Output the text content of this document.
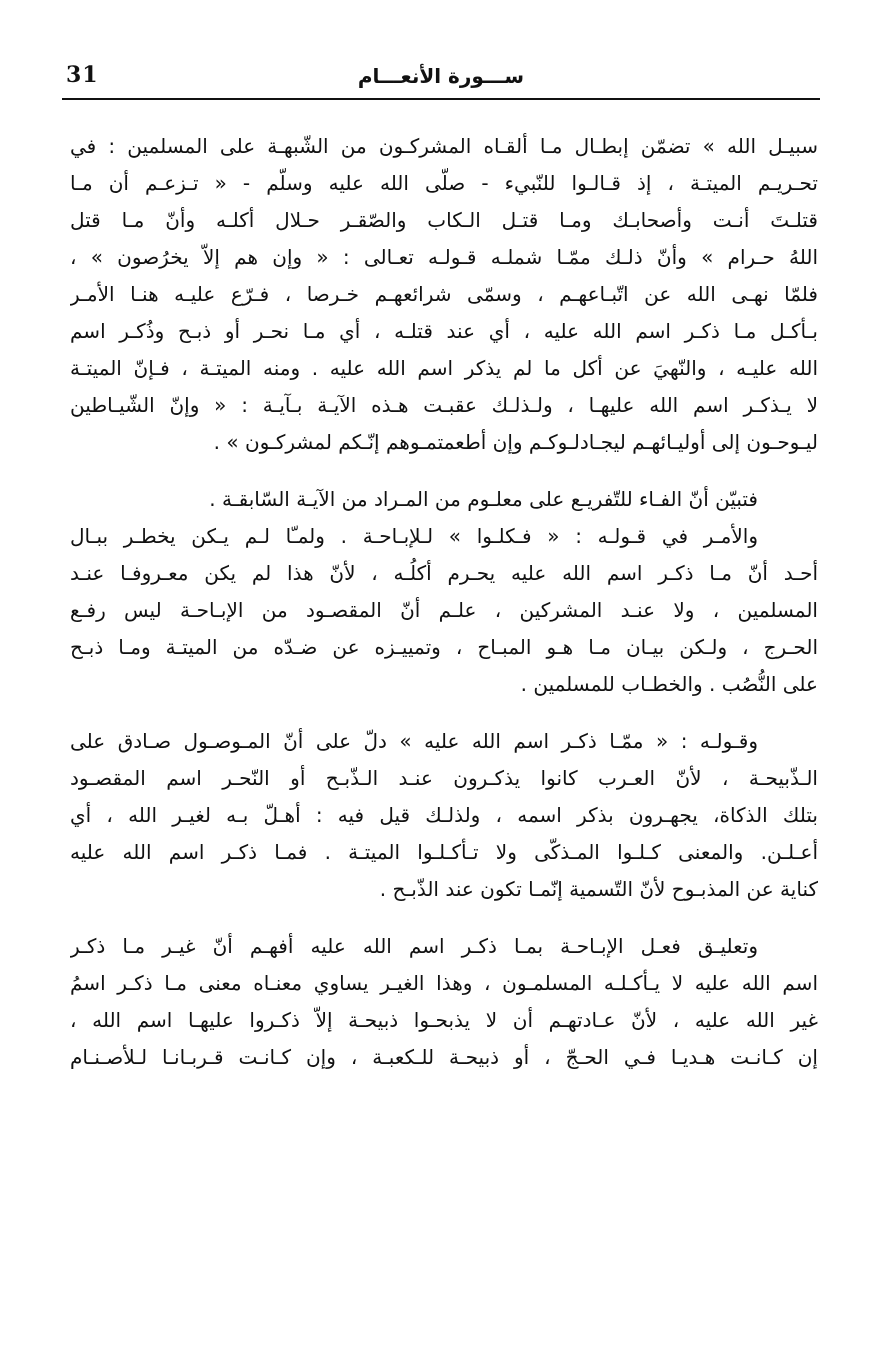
31	ســـورة الأنعـــام
سبيـل الله » تضمّن إبطـال مـا ألقـاه المشركـون من الشّبهـة على المسلمين : في
تحـريـم الميتـة ، إذ قـالـوا للنّبيء - صلّى الله عليه وسلّم - « تـزعـم أن مـا
قتلـتَ أنـت وأصحابـك ومـا قتـل الـكاب والصّقـر حـلال أكلـه وأنّ مـا قتل
اللهُ حـرام » وأنّ ذلـك ممّـا شملـه قـولـه تعـالى : « وإن هم إلاّ يخرُصون » ،
فلمّا نهـى الله عن اتّبـاعهـم ، وسمّى شرائعهـم خـرصا ، فـرّع عليـه هنـا الأمـر
بـأكـل مـا ذكـر اسم الله عليه ، أي عند قتلـه ، أي مـا نحـر أو ذبـح وذُكـر اسم
الله عليـه ، والنّهيَ عن أكل ما لم يذكر اسم الله عليه . ومنه الميتـة ، فـإنّ الميتـة
لا يـذكـر اسم الله عليهـا ، ولـذلـك عقبـت هـذه الآيـة بـآيـة : « وإنّ الشّيـاطين
ليـوحـون إلى أوليـائهـم ليجـادلـوكـم وإن أطعمتمـوهم إنّـكم لمشركـون » .
فتبيّن أنّ الفـاء للتّفريـع على معلـوم من المـراد من الآيـة السّابقـة .
والأمـر في قـولـه : « فـكلـوا » لـلإبـاحـة . ولمـّا لـم يـكن يخطـر ببـال
أحـد أنّ مـا ذكـر اسم الله عليه يحـرم أكلُـه ، لأنّ هذا لم يكن معـروفـا عنـد
المسلمين ، ولا عنـد المشركين ، علـم أنّ المقصـود من الإبـاحـة ليس رفـع
الحـرج ، ولـكن بيـان مـا هـو المبـاح ، وتمييـزه عن ضـدّه من الميتـة ومـا ذبـح
على النُّصُب . والخطـاب للمسلمين .
وقـولـه : « ممّـا ذكـر اسم الله عليه » دلّ على أنّ المـوصـول صـادق على
الـذّبيحـة ، لأنّ العـرب كانوا يذكـرون عنـد الـذّبـح أو النّحـر اسم المقصـود
بتلك الذكاة، يجهـرون بذكر اسمه ، ولذلـك قيل فيه : أهـلّ بـه لغيـر الله ، أي
أعـلـن. والمعنى كـلـوا المـذكّى ولا تـأكـلـوا الميتـة . فمـا ذكـر اسم الله عليه
كناية عن المذبـوح لأنّ التّسمية إنّمـا تكون عند الذّبـح .
وتعليـق فعـل الإبـاحـة بمـا ذكـر اسم الله عليه أفهـم أنّ غيـر مـا ذكـر
اسم الله عليه لا يـأكـلـه المسلمـون ، وهذا الغيـر يساوي معنـاه معنى مـا ذكـر اسمُ
غير الله عليه ، لأنّ عـادتهـم أن لا يذبحـوا ذبيحـة إلاّ ذكـروا عليهـا اسم الله ،
إن كـانـت هـديـا فـي الحـجّ ، أو ذبيحـة للـكعبـة ، وإن كـانـت قـربـانـا لـلأصـنـام
